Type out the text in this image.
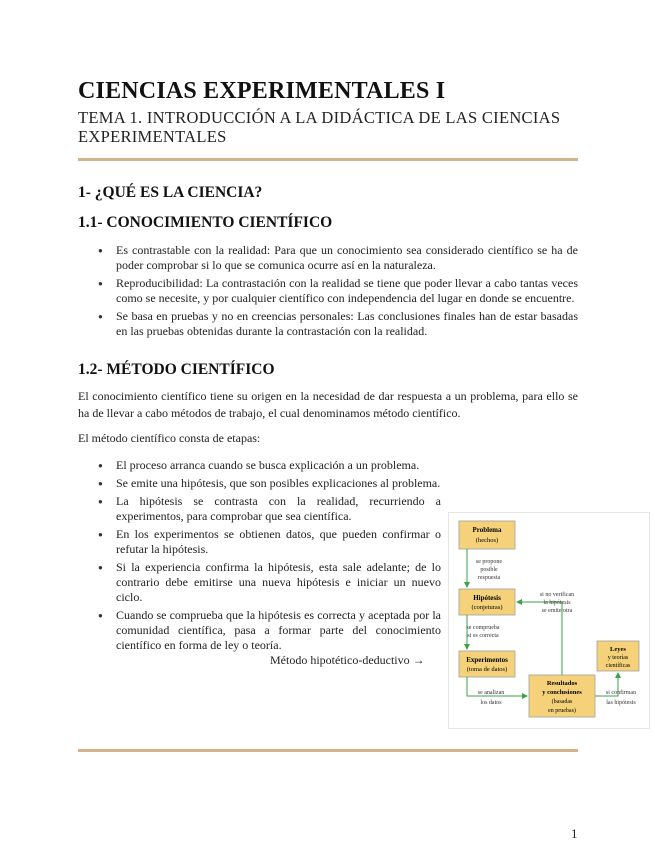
CIENCIAS EXPERIMENTALES I
TEMA 1. INTRODUCCIÓN A LA DIDÁCTICA DE LAS CIENCIAS EXPERIMENTALES
1- ¿QUÉ ES LA CIENCIA?
1.1- CONOCIMIENTO CIENTÍFICO
● Es contrastable con la realidad: Para que un conocimiento sea considerado científico se ha de poder comprobar si lo que se comunica ocurre así en la naturaleza.
● Reproducibilidad: La contrastación con la realidad se tiene que poder llevar a cabo tantas veces como se necesite, y por cualquier científico con independencia del lugar en donde se encuentre.
● Se basa en pruebas y no en creencias personales: Las conclusiones finales han de estar basadas en las pruebas obtenidas durante la contrastación con la realidad.
1.2- MÉTODO CIENTÍFICO
El conocimiento científico tiene su origen en la necesidad de dar respuesta a un problema, para ello se ha de llevar a cabo métodos de trabajo, el cual denominamos método científico.
El método científico consta de etapas:
● El proceso arranca cuando se busca explicación a un problema.
● Se emite una hipótesis, que son posibles explicaciones al problema.
● La hipótesis se contrasta con la realidad, recurriendo a experimentos, para comprobar que sea científica.
● En los experimentos se obtienen datos, que pueden confirmar o refutar la hipótesis.
● Si la experiencia confirma la hipótesis, esta sale adelante; de lo contrario debe emitirse una nueva hipótesis e iniciar un nuevo ciclo.
● Cuando se comprueba que la hipótesis es correcta y aceptada por la comunidad científica, pasa a formar parte del conocimiento científico en forma de ley o teoría.
Método hipotético-deductivo →
Problema
(hechos)
Hipótesis
(conjeturas)
Experimentos
(toma de datos)
Resultados
y conclusiones
(basadas
en pruebas)
Leyes
y teorías
científicas
se propone
posible
respuesta
se comprueba
si es correcta
si no verifican
la hipótesis
se emite otra
se analizan
los datos
si confirman
las hipótesis
1
